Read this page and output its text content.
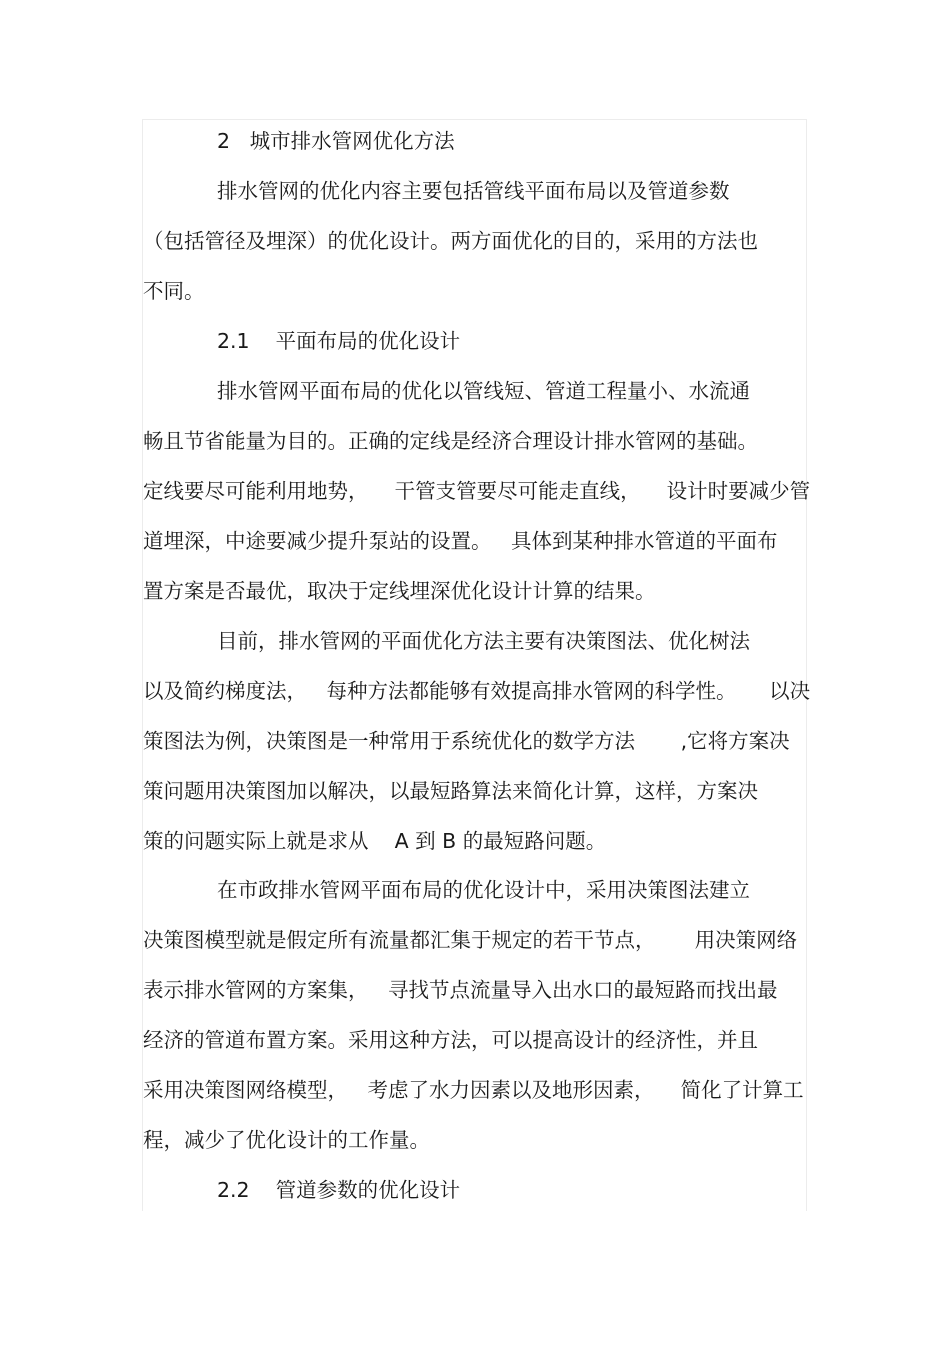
2   城市排水管网优化方法
排水管网的优化内容主要包括管线平面布局以及管道参数
（包括管径及埋深）的优化设计。两方面优化的目的，采用的方法也
不同。
2.1    平面布局的优化设计
排水管网平面布局的优化以管线短、管道工程量小、水流通
畅且节省能量为目的。正确的定线是经济合理设计排水管网的基础。
定线要尽可能利用地势，    干管支管要尽可能走直线，    设计时要减少管
道埋深，中途要减少提升泵站的设置。   具体到某种排水管道的平面布
置方案是否最优，取决于定线埋深优化设计计算的结果。
目前，排水管网的平面优化方法主要有决策图法、优化树法
以及简约梯度法，   每种方法都能够有效提高排水管网的科学性。     以决
策图法为例，决策图是一种常用于系统优化的数学方法       ,它将方案决
策问题用决策图加以解决，以最短路算法来简化计算，这样，方案决
策的问题实际上就是求从    A 到 B 的最短路问题。
在市政排水管网平面布局的优化设计中，采用决策图法建立
决策图模型就是假定所有流量都汇集于规定的若干节点，      用决策网络
表示排水管网的方案集，   寻找节点流量导入出水口的最短路而找出最
经济的管道布置方案。采用这种方法，可以提高设计的经济性，并且
采用决策图网络模型，   考虑了水力因素以及地形因素，    简化了计算工
程，减少了优化设计的工作量。
2.2    管道参数的优化设计
